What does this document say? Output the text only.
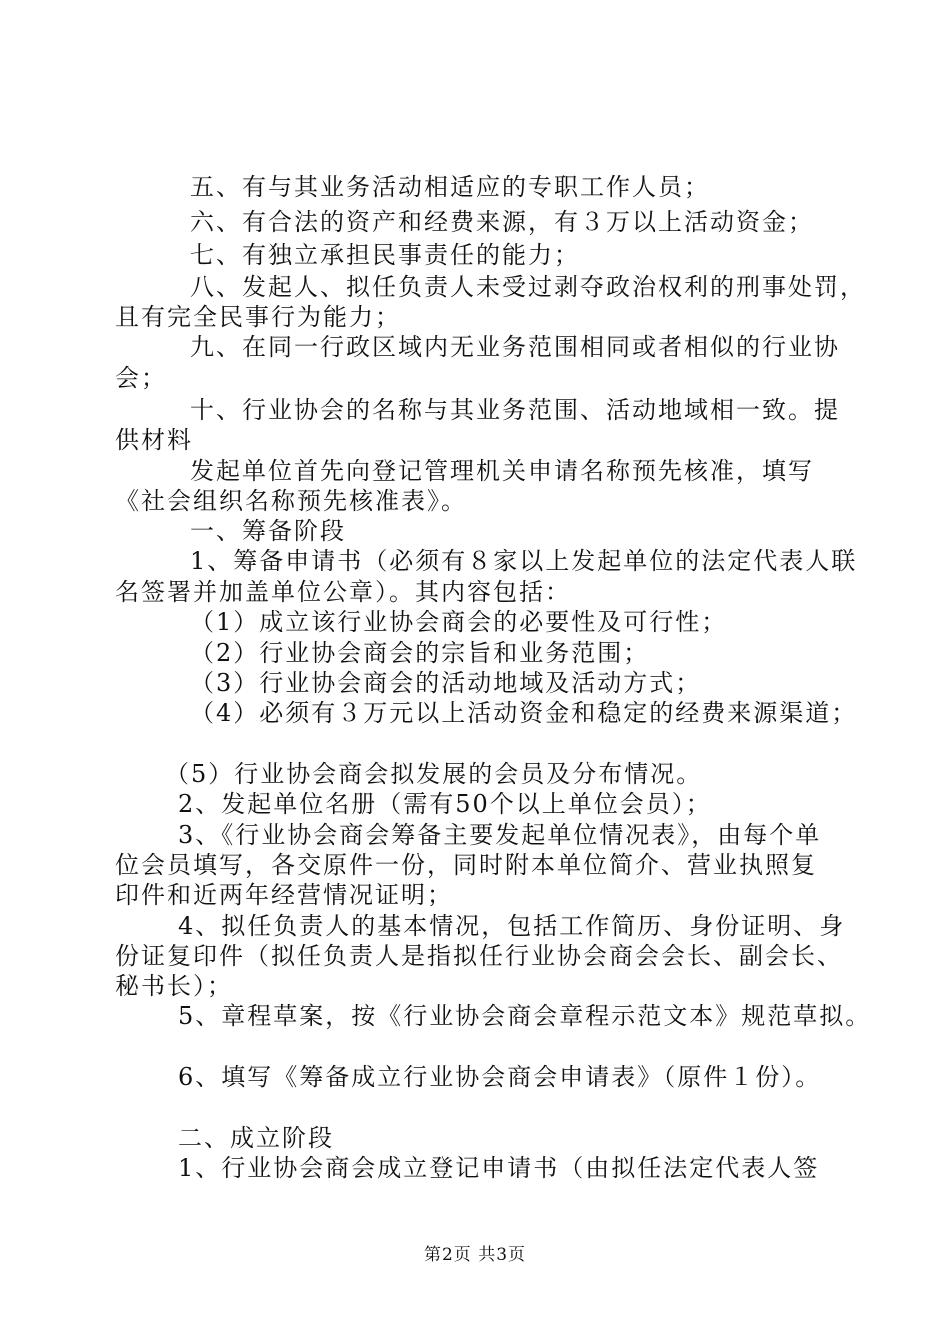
五、有与其业务活动相适应的专职工作人员；
六、有合法的资产和经费来源，有３万以上活动资金；
七、有独立承担民事责任的能力；
八、发起人、拟任负责人未受过剥夺政治权利的刑事处罚，
且有完全民事行为能力；
九、在同一行政区域内无业务范围相同或者相似的行业协
会；
十、行业协会的名称与其业务范围、活动地域相一致。提
供材料
发起单位首先向登记管理机关申请名称预先核准，填写
《社会组织名称预先核准表》。
一、筹备阶段
1、筹备申请书（必须有８家以上发起单位的法定代表人联
名签署并加盖单位公章）。其内容包括：
（1）成立该行业协会商会的必要性及可行性；
（2）行业协会商会的宗旨和业务范围；
（3）行业协会商会的活动地域及活动方式；
（4）必须有３万元以上活动资金和稳定的经费来源渠道；
（5）行业协会商会拟发展的会员及分布情况。
2、发起单位名册（需有50个以上单位会员）；
3、《行业协会商会筹备主要发起单位情况表》，由每个单
位会员填写，各交原件一份，同时附本单位简介、营业执照复
印件和近两年经营情况证明；
4、拟任负责人的基本情况，包括工作简历、身份证明、身
份证复印件（拟任负责人是指拟任行业协会商会会长、副会长、
秘书长）；
5、章程草案，按《行业协会商会章程示范文本》规范草拟。
6、填写《筹备成立行业协会商会申请表》（原件１份）。
二、成立阶段
1、行业协会商会成立登记申请书（由拟任法定代表人签
第2页 共3页
